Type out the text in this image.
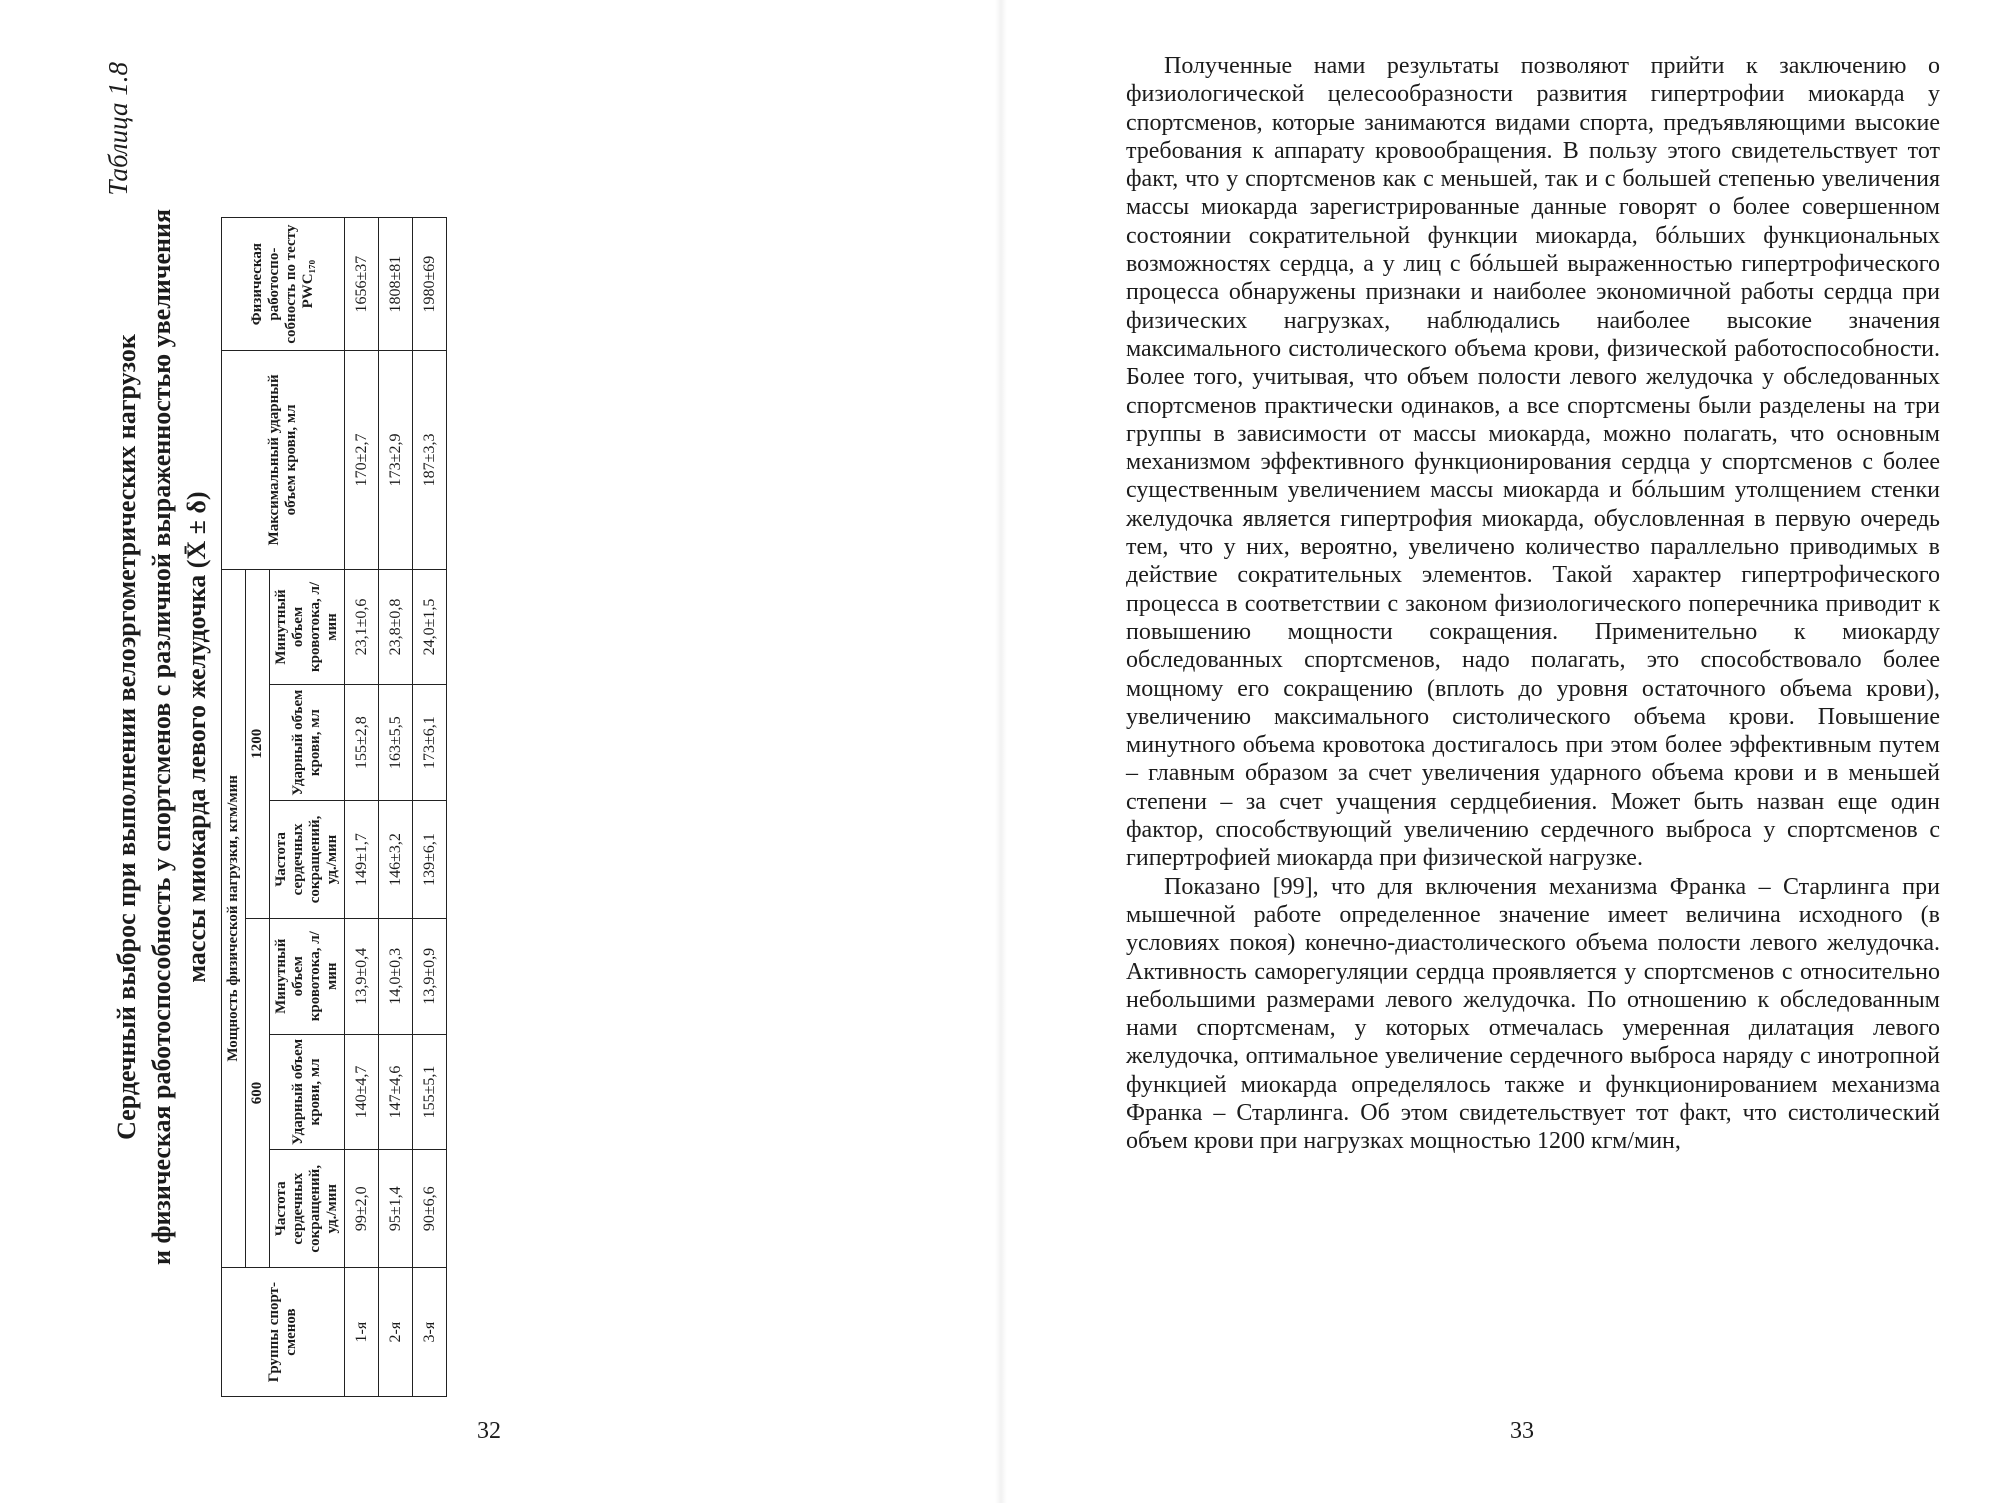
Таблица 1.8
Сердечный выброс при выполнении велоэргометрических нагрузок и физическая работоспособность у спортсменов с различной выраженностью увеличения массы миокарда левого желудочка (X̄ ± δ)
Группы спорт-сменов	Мощность физической нагрузки, кгм/мин						Максимальный ударный объем крови, мл	Физическая работоспо-собность по тесту PWC₁₇₀
	600			1200				
	Частота сердечных сокращений, уд./мин	Ударный объем крови, мл	Минутный объем кровотока, л/мин	Частота сердечных сокращений, уд./мин	Ударный объем крови, мл	Минутный объем кровотока, л/мин		
1-я	99±2,0	140±4,7	13,9±0,4	149±1,7	155±2,8	23,1±0,6	170±2,7	1656±37
2-я	95±1,4	147±4,6	14,0±0,3	146±3,2	163±5,5	23,8±0,8	173±2,9	1808±81
3-я	90±6,6	155±5,1	13,9±0,9	139±6,1	173±6,1	24,0±1,5	187±3,3	1980±69
32

Полученные нами результаты позволяют прийти к заключению о физиологической целесообразности развития гипертрофии миокарда у спортсменов, которые занимаются видами спорта, предъявляющими высокие требования к аппарату кровообращения. В пользу этого свидетельствует тот факт, что у спортсменов как с меньшей, так и с большей степенью увеличения массы миокарда зарегистрированные данные говорят о более совершенном состоянии сократительной функции миокарда, бóльших функциональных возможностях сердца, а у лиц с бóльшей выраженностью гипертрофического процесса обнаружены признаки и наиболее экономичной работы сердца при физических нагрузках, наблюдались наиболее высокие значения максимального систолического объема крови, физической работоспособности. Более того, учитывая, что объем полости левого желудочка у обследованных спортсменов практически одинаков, а все спортсмены были разделены на три группы в зависимости от массы миокарда, можно полагать, что основным механизмом эффективного функционирования сердца у спортсменов с более существенным увеличением массы миокарда и бóльшим утолщением стенки желудочка является гипертрофия миокарда, обусловленная в первую очередь тем, что у них, вероятно, увеличено количество параллельно приводимых в действие сократительных элементов. Такой характер гипертрофического процесса в соответствии с законом физиологического поперечника приводит к повышению мощности сокращения. Применительно к миокарду обследованных спортсменов, надо полагать, это способствовало более мощному его сокращению (вплоть до уровня остаточного объема крови), увеличению максимального систолического объема крови. Повышение минутного объема кровотока достигалось при этом более эффективным путем – главным образом за счет увеличения ударного объема крови и в меньшей степени – за счет учащения сердцебиения. Может быть назван еще один фактор, способствующий увеличению сердечного выброса у спортсменов с гипертрофией миокарда при физической нагрузке.

Показано [99], что для включения механизма Франка – Старлинга при мышечной работе определенное значение имеет величина исходного (в условиях покоя) конечно-диастолического объема полости левого желудочка. Активность саморегуляции сердца проявляется у спортсменов с относительно небольшими размерами левого желудочка. По отношению к обследованным нами спортсменам, у которых отмечалась умеренная дилатация левого желудочка, оптимальное увеличение сердечного выброса наряду с инотропной функцией миокарда определялось также и функционированием механизма Франка – Старлинга. Об этом свидетельствует тот факт, что систолический объем крови при нагрузках мощностью 1200 кгм/мин,

33
